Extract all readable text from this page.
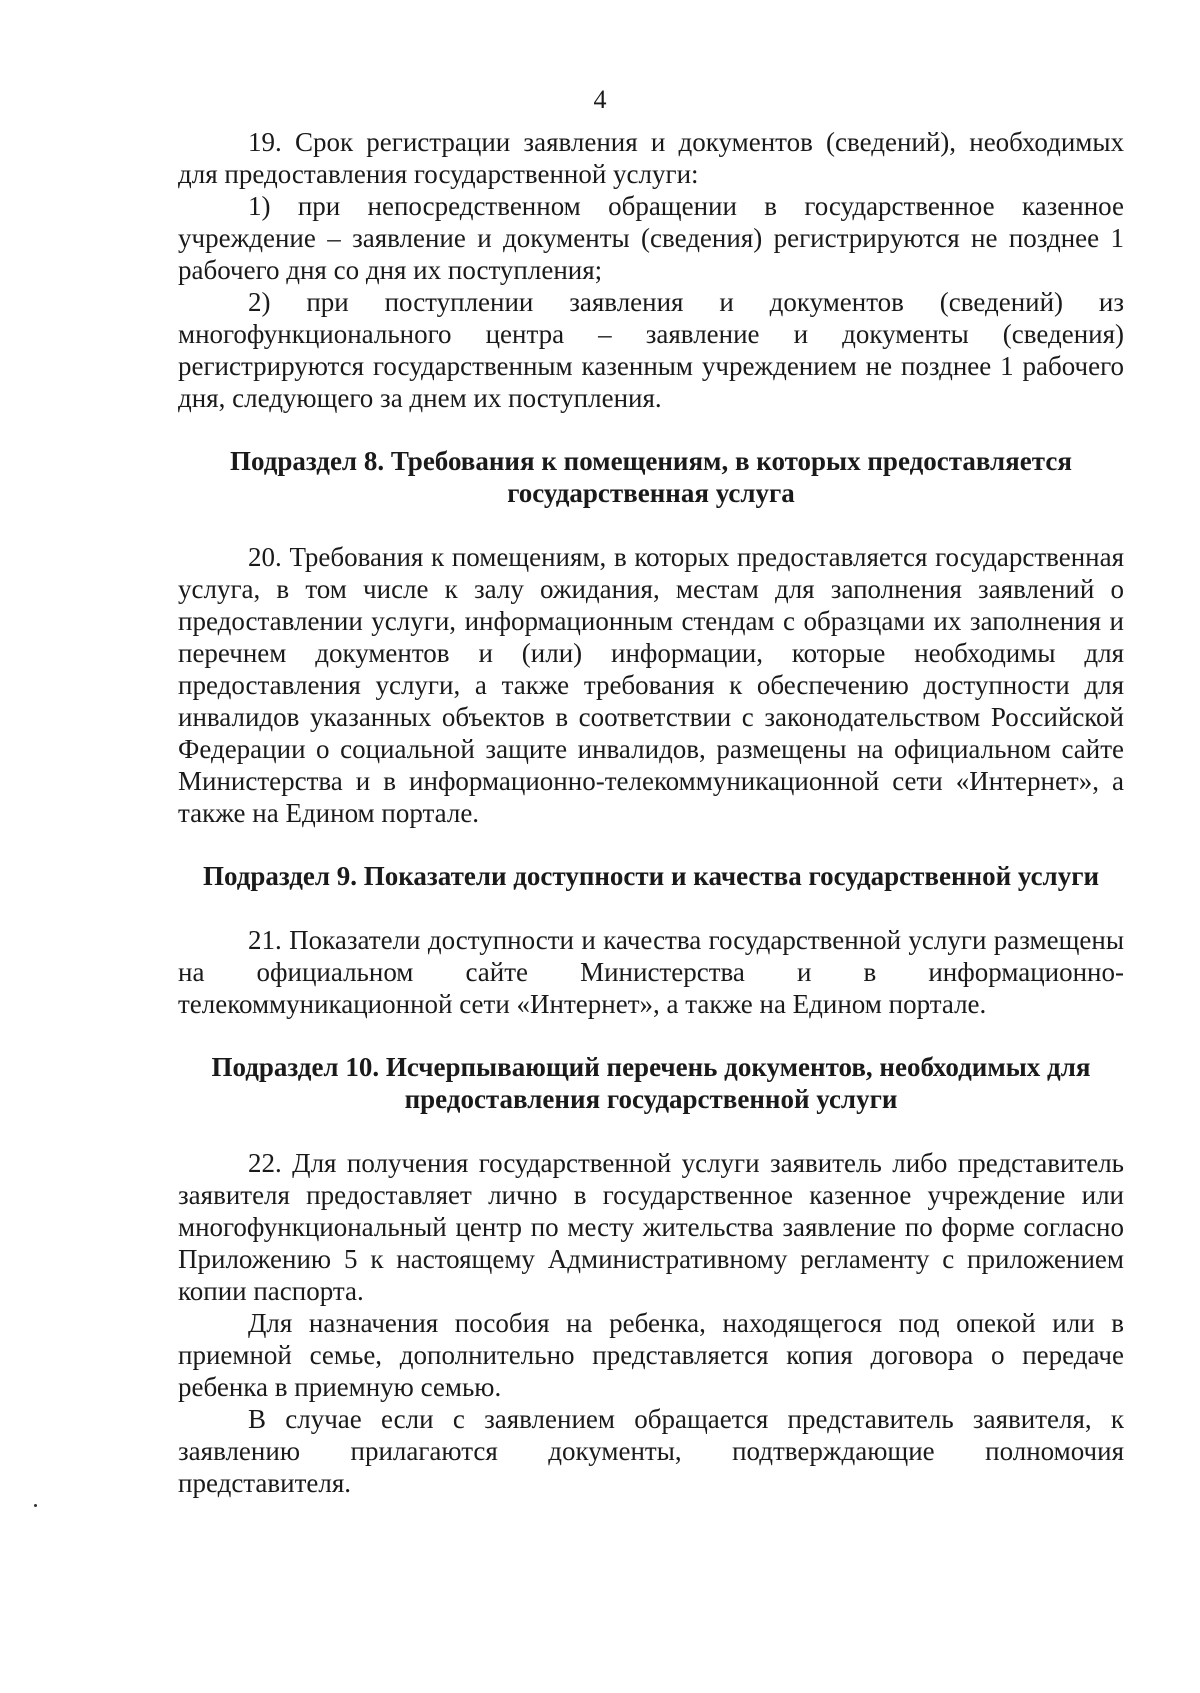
4

19. Срок регистрации заявления и документов (сведений), необходимых для предоставления государственной услуги:

1) при непосредственном обращении в государственное казенное учреждение – заявление и документы (сведения) регистрируются не позднее 1 рабочего дня со дня их поступления;

2) при поступлении заявления и документов (сведений) из многофункционального центра – заявление и документы (сведения) регистрируются государственным казенным учреждением не позднее 1 рабочего дня, следующего за днем их поступления.

Подраздел 8. Требования к помещениям, в которых предоставляется государственная услуга

20. Требования к помещениям, в которых предоставляется государственная услуга, в том числе к залу ожидания, местам для заполнения заявлений о предоставлении услуги, информационным стендам с образцами их заполнения и перечнем документов и (или) информации, которые необходимы для предоставления услуги, а также требования к обеспечению доступности для инвалидов указанных объектов в соответствии с законодательством Российской Федерации о социальной защите инвалидов, размещены на официальном сайте Министерства и в информационно-телекоммуникационной сети «Интернет», а также на Едином портале.

Подраздел 9. Показатели доступности и качества государственной услуги

21. Показатели доступности и качества государственной услуги размещены на официальном сайте Министерства и в информационно-телекоммуникационной сети «Интернет», а также на Едином портале.

Подраздел 10. Исчерпывающий перечень документов, необходимых для предоставления государственной услуги

22. Для получения государственной услуги заявитель либо представитель заявителя предоставляет лично в государственное казенное учреждение или многофункциональный центр по месту жительства заявление по форме согласно Приложению 5 к настоящему Административному регламенту с приложением копии паспорта.

Для назначения пособия на ребенка, находящегося под опекой или в приемной семье, дополнительно представляется копия договора о передаче ребенка в приемную семью.

В случае если с заявлением обращается представитель заявителя, к заявлению прилагаются документы, подтверждающие полномочия представителя.
